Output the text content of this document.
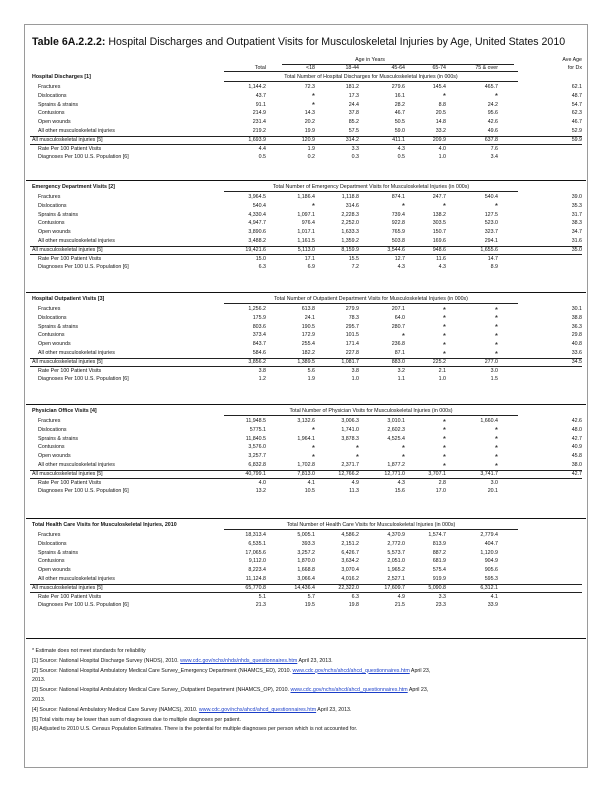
Table 6A.2.2.2: Hospital Discharges and Outpatient Visits for Musculoskeletal Injuries by Age, United States 2010
Age in Years	Ave Age
for Dx
Total	<18	18-44	45-64	65-74	75 & over
Hospital Discharges [1]	Total Number of Hospital Discharges for Musculoskeletal Injuries (in 000s)
Fractures	1,144.2	72.3	181.2	279.6	145.4	465.7	62.1
Dislocations	43.7	*	17.3	16.1	*	*	48.7
Sprains & strains	91.1	*	24.4	28.2	8.8	24.2	54.7
Contusions	214.9	14.3	37.8	46.7	20.5	95.6	62.3
Open wounds	231.4	20.2	85.2	50.5	14.8	42.6	46.7
All other musculoskeletal injuries	219.2	19.9	57.5	59.0	33.2	49.6	52.9
All musculoskeletal injuries [5]	1,693.9	120.9	314.2	411.1	209.9	637.8	59.9
Rate Per 100 Patient Visits	4.4	1.9	3.3	4.3	4.0	7.6
Diagnoses Per 100 U.S. Population [6]	0.5	0.2	0.3	0.5	1.0	3.4
Emergency Department Visits [2]	Total Number of Emergency Department Visits for Musculoskeletal Injuries (in 000s)
Fractures	3,964.5	1,186.4	1,118.8	874.1	247.7	540.4	39.0
Dislocations	540.4	*	314.6	*	*	*	35.3
Sprains & strains	4,330.4	1,097.1	2,228.3	739.4	138.2	127.5	31.7
Contusions	4,947.7	976.4	2,252.0	922.8	303.5	523.0	38.3
Open wounds	3,890.6	1,017.1	1,633.3	765.9	150.7	323.7	34.7
All other musculoskeletal injuries	3,488.2	1,161.5	1,359.2	503.8	169.6	294.1	31.6
All musculoskeletal injuries [5]	19,421.6	5,113.0	8,159.9	3,544.6	948.6	1,655.6	35.0
Rate Per 100 Patient Visits	15.0	17.1	15.5	12.7	11.6	14.7
Diagnoses Per 100 U.S. Population [6]	6.3	6.9	7.2	4.3	4.3	8.9
Hospital Outpatient Visits [3]	Total Number of Outpatient Department Visits for Musculoskeletal Injuries (in 000s)
Fractures	1,256.2	613.8	279.9	207.1	*	*	30.1
Dislocations	175.9	24.1	78.3	64.0	*	*	38.8
Sprains & strains	803.6	190.5	295.7	280.7	*	*	36.3
Contusions	373.4	172.9	101.5	*	*	*	29.8
Open wounds	843.7	255.4	171.4	236.8	*	*	40.8
All other musculoskeletal injuries	584.6	182.2	227.8	87.1	*	*	33.6
All musculoskeletal injuries [5]	3,856.2	1,389.5	1,081.7	883.0	225.2	277.0	34.5
Rate Per 100 Patient Visits	3.8	5.6	3.8	3.2	2.1	3.0
Diagnoses Per 100 U.S. Population [6]	1.2	1.9	1.0	1.1	1.0	1.5
Physician Office Visits [4]	Total Number of Physician Visits for Musculoskeletal Injuries (in 000s)
Fractures	11,948.5	3,132.6	3,006.3	3,010.1	*	1,660.4	42.6
Dislocations	5775.1	*	1,741.0	2,602.3	*	*	48.0
Sprains & strains	11,840.5	1,964.1	3,878.3	4,525.4	*	*	42.7
Contusions	3,576.0	*	*	*	*	*	40.9
Open wounds	3,257.7	*	*	*	*	*	45.8
All other musculoskeletal injuries	6,832.8	1,702.8	2,371.7	1,877.2	*	*	38.0
All musculoskeletal injuries [5]	40,799.1	7,813.0	12,766.2	12,771.0	3,707.1	3,741.7	42.7
Rate Per 100 Patient Visits	4.0	4.1	4.9	4.3	2.8	3.0
Diagnoses Per 100 U.S. Population [6]	13.2	10.5	11.3	15.6	17.0	20.1
Total Health Care Visits for Musculoskeletal Injuries, 2010	Total Number of Health Care Visits for Musculoskeletal Injuries (in 000s)
Fractures	18,313.4	5,005.1	4,586.2	4,370.9	1,574.7	2,779.4
Dislocations	6,535.1	393.3	2,151.2	2,772.0	813.9	404.7
Sprains & strains	17,065.6	3,257.2	6,426.7	5,573.7	887.2	1,120.9
Contusions	9,112.0	1,870.0	3,634.2	2,051.0	681.9	904.9
Open wounds	8,223.4	1,668.8	3,070.4	1,965.2	575.4	905.6
All other musculoskeletal injuries	11,124.8	3,066.4	4,016.2	2,527.1	919.9	595.3
All musculoskeletal injuries [5]	65,770.8	14,436.4	22,322.0	17,609.7	5,090.8	6,312.1
Rate Per 100 Patient Visits	5.1	5.7	6.3	4.9	3.3	4.1
Diagnoses Per 100 U.S. Population [6]	21.3	19.5	19.8	21.5	23.3	33.9
* Estimate does not meet standards for reliability
[1] Source: National Hospital Discharge Survey (NHDS), 2010. www.cdc.gov/nchs/nhds/nhds_questionnaires.htm April 23, 2013.
[2] Source: National Hospital Ambulatory Medical Care Survey_Emergency Department (NHAMCS_ED), 2010. www.cdc.gov/nchs/ahcd/ahcd_questionnaires.htm April 23,
2013.
[3] Source: National Hospital Ambulatory Medical Care Survey_Outpatient Department (NHAMCS_OP), 2010. www.cdc.gov/nchs/ahcd/ahcd_questionnaires.htm April 23,
2013.
[4] Source: National Ambulatory Medical Care Survey (NAMCS), 2010. www.cdc.gov/nchs/ahcd/ahcd_questionnaires.htm April 23, 2013.
[5] Total visits may be lower than sum of diagnoses due to multiple diagnoses per patient.
[6] Adjusted to 2010 U.S. Census Population Estimates. There is the potential for multiple diagnoses per person which is not accounted for.
